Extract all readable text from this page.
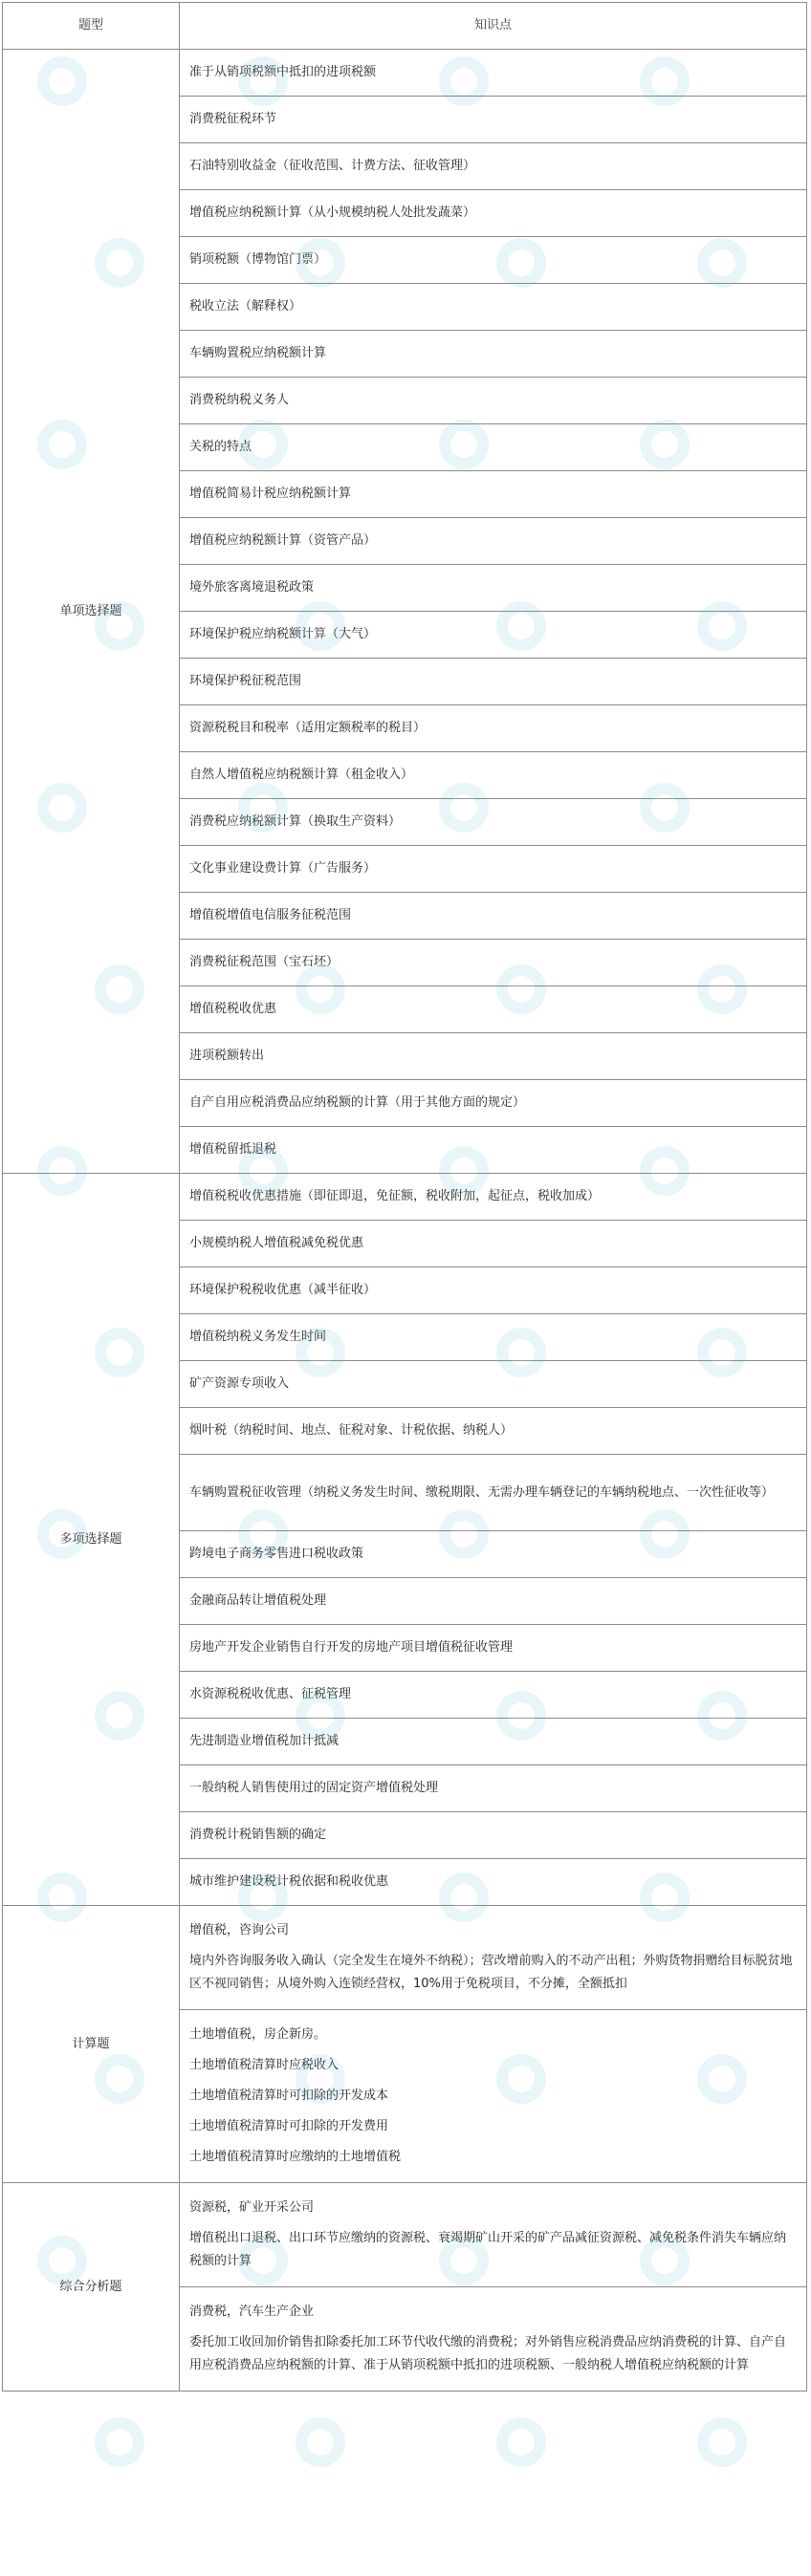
题型	知识点
单项选择题	准于从销项税额中抵扣的进项税额
	消费税征税环节
	石油特别收益金（征收范围、计费方法、征收管理）
	增值税应纳税额计算（从小规模纳税人处批发蔬菜）
	销项税额（博物馆门票）
	税收立法（解释权）
	车辆购置税应纳税额计算
	消费税纳税义务人
	关税的特点
	增值税简易计税应纳税额计算
	增值税应纳税额计算（资管产品）
	境外旅客离境退税政策
	环境保护税应纳税额计算（大气）
	环境保护税征税范围
	资源税税目和税率（适用定额税率的税目）
	自然人增值税应纳税额计算（租金收入）
	消费税应纳税额计算（换取生产资料）
	文化事业建设费计算（广告服务）
	增值税增值电信服务征税范围
	消费税征税范围（宝石坯）
	增值税税收优惠
	进项税额转出
	自产自用应税消费品应纳税额的计算（用于其他方面的规定）
	增值税留抵退税
多项选择题	增值税税收优惠措施（即征即退，免征额，税收附加，起征点，税收加成）
	小规模纳税人增值税减免税优惠
	环境保护税税收优惠（减半征收）
	增值税纳税义务发生时间
	矿产资源专项收入
	烟叶税（纳税时间、地点、征税对象、计税依据、纳税人）
	车辆购置税征收管理（纳税义务发生时间、缴税期限、无需办理车辆登记的车辆纳税地点、一次性征收等）
	跨境电子商务零售进口税收政策
	金融商品转让增值税处理
	房地产开发企业销售自行开发的房地产项目增值税征收管理
	水资源税税收优惠、征税管理
	先进制造业增值税加计抵减
	一般纳税人销售使用过的固定资产增值税处理
	消费税计税销售额的确定
	城市维护建设税计税依据和税收优惠
计算题	增值税，咨询公司

境内外咨询服务收入确认（完全发生在境外不纳税）；营改增前购入的不动产出租；外购货物捐赠给目标脱贫地区不视同销售；从境外购入连锁经营权，10%用于免税项目，不分摊，全额抵扣

	土地增值税，房企新房。

土地增值税清算时应税收入

土地增值税清算时可扣除的开发成本

土地增值税清算时可扣除的开发费用

土地增值税清算时应缴纳的土地增值税

综合分析题	资源税，矿业开采公司

增值税出口退税、出口环节应缴纳的资源税、衰竭期矿山开采的矿产品减征资源税、减免税条件消失车辆应纳税额的计算

	消费税，汽车生产企业

委托加工收回加价销售扣除委托加工环节代收代缴的消费税；对外销售应税消费品应纳消费税的计算、自产自用应税消费品应纳税额的计算、准于从销项税额中抵扣的进项税额、一般纳税人增值税应纳税额的计算
